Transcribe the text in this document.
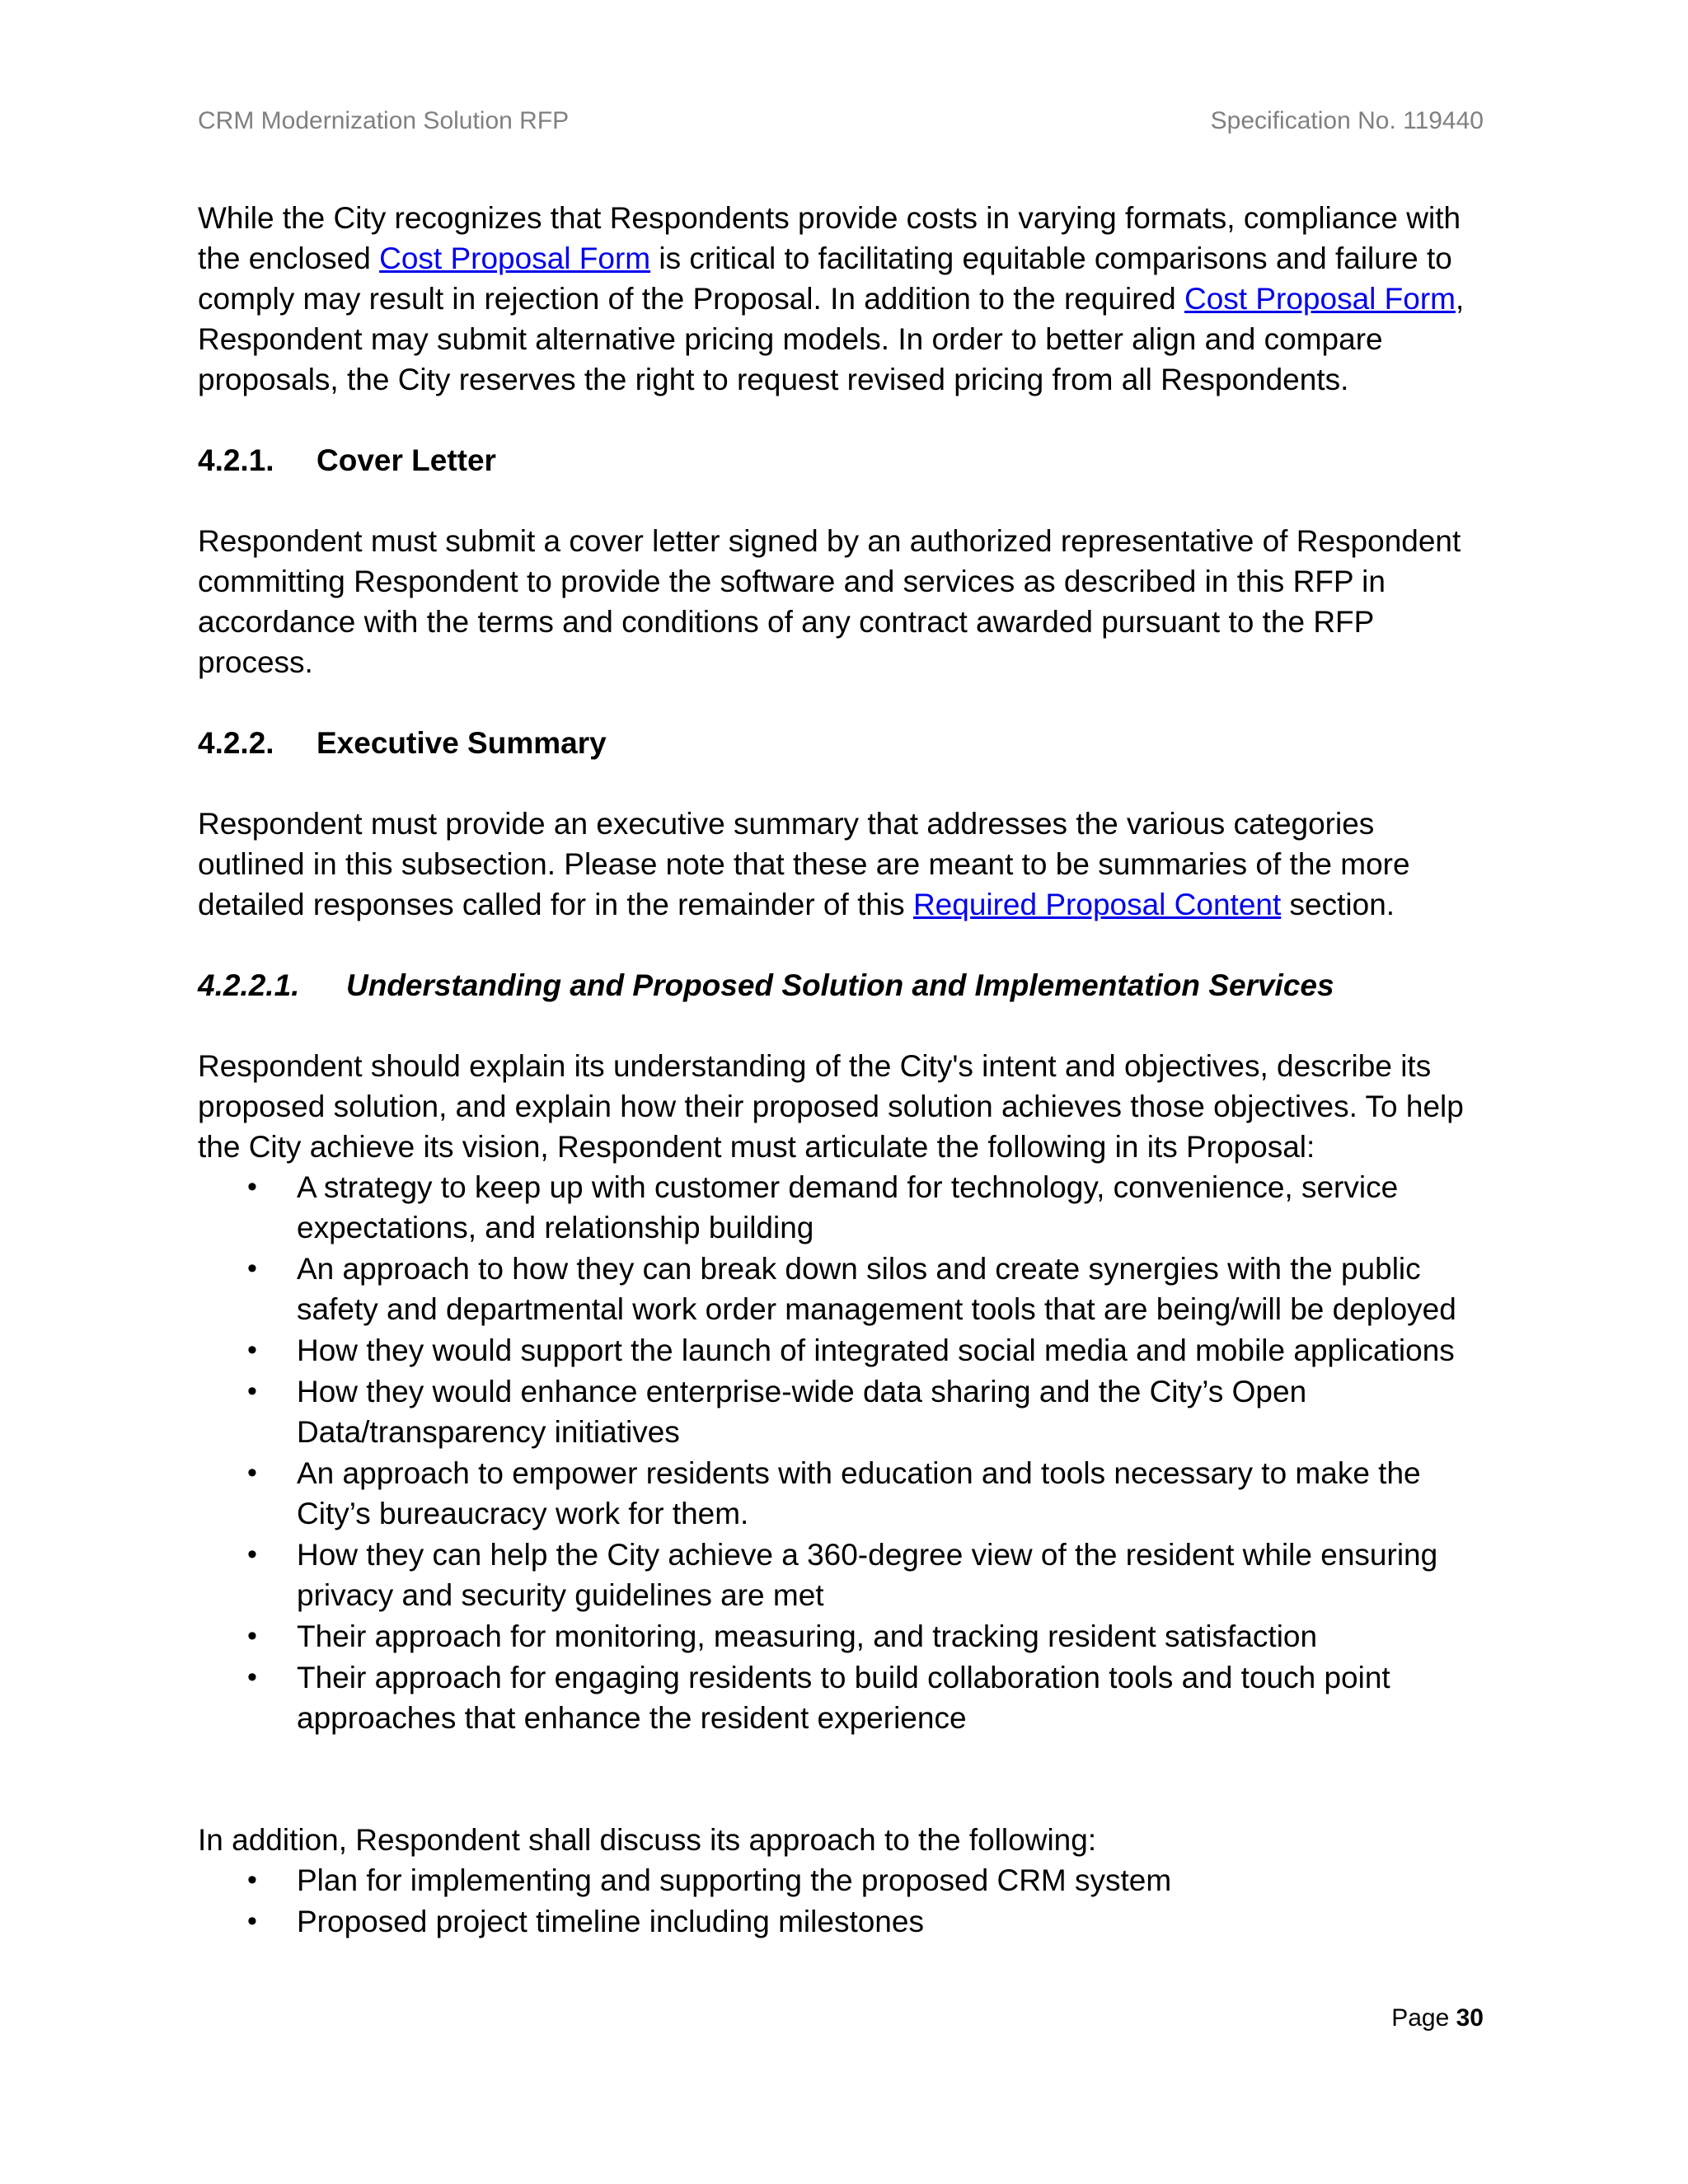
CRM Modernization Solution RFP	Specification No. 119440

While the City recognizes that Respondents provide costs in varying formats, compliance with the enclosed Cost Proposal Form is critical to facilitating equitable comparisons and failure to comply may result in rejection of the Proposal. In addition to the required Cost Proposal Form, Respondent may submit alternative pricing models. In order to better align and compare proposals, the City reserves the right to request revised pricing from all Respondents.

4.2.1. Cover Letter

Respondent must submit a cover letter signed by an authorized representative of Respondent committing Respondent to provide the software and services as described in this RFP in accordance with the terms and conditions of any contract awarded pursuant to the RFP process.

4.2.2. Executive Summary

Respondent must provide an executive summary that addresses the various categories outlined in this subsection. Please note that these are meant to be summaries of the more detailed responses called for in the remainder of this Required Proposal Content section.

4.2.2.1. Understanding and Proposed Solution and Implementation Services

Respondent should explain its understanding of the City's intent and objectives, describe its proposed solution, and explain how their proposed solution achieves those objectives. To help the City achieve its vision, Respondent must articulate the following in its Proposal:

• A strategy to keep up with customer demand for technology, convenience, service expectations, and relationship building
• An approach to how they can break down silos and create synergies with the public safety and departmental work order management tools that are being/will be deployed
• How they would support the launch of integrated social media and mobile applications
• How they would enhance enterprise-wide data sharing and the City’s Open Data/transparency initiatives
• An approach to empower residents with education and tools necessary to make the City’s bureaucracy work for them.
• How they can help the City achieve a 360-degree view of the resident while ensuring privacy and security guidelines are met
• Their approach for monitoring, measuring, and tracking resident satisfaction
• Their approach for engaging residents to build collaboration tools and touch point approaches that enhance the resident experience

In addition, Respondent shall discuss its approach to the following:

• Plan for implementing and supporting the proposed CRM system
• Proposed project timeline including milestones
Page 30
